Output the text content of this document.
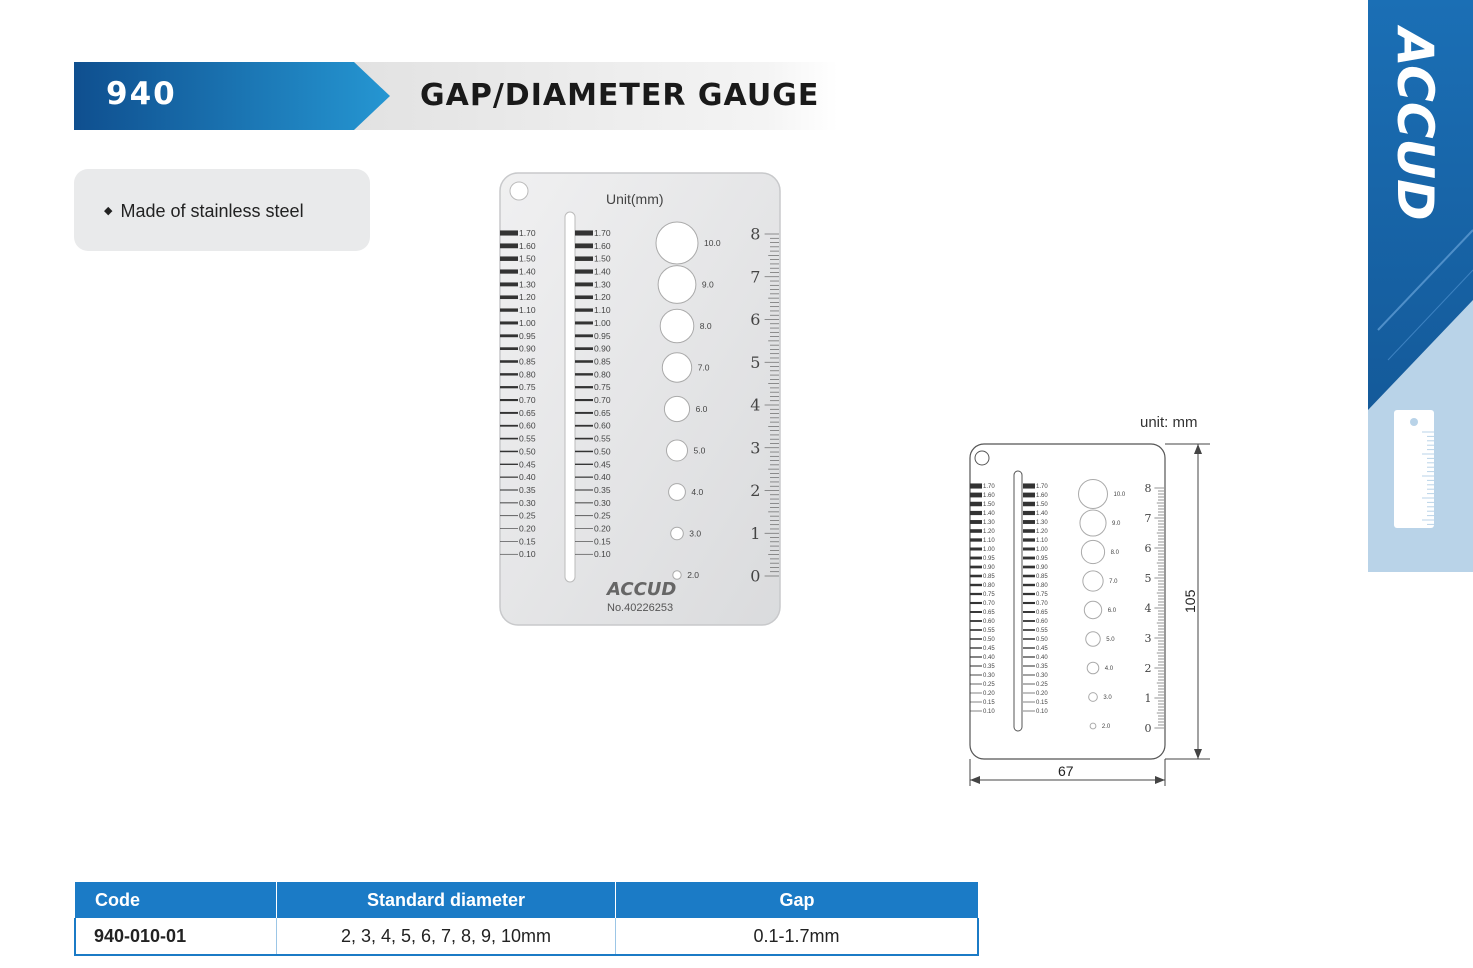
940	GAP/DIAMETER GAUGE
◆ Made of stainless steel
Unit(mm)
1.70	1.70
1.60	1.60
1.50	1.50
1.40	1.40
1.30	1.30
1.20	1.20
1.10	1.10
1.00	1.00
0.95	0.95
0.90	0.90
0.85	0.85
0.80	0.80
0.75	0.75
0.70	0.70
0.65	0.65
0.60	0.60
0.55	0.55
0.50	0.50
0.45	0.45
0.40	0.40
0.35	0.35
0.30	0.30
0.25	0.25
0.20	0.20
0.15	0.15
0.10	0.10
10.0
9.0
8.0
7.0
6.0
5.0
4.0
3.0
2.0
8
7
6
5
4
3
2
1
0
ACCUD
No.40226253
unit: mm
1.70	1.70
1.60	1.60
1.50	1.50
1.40	1.40
1.30	1.30
1.20	1.20
1.10	1.10
1.00	1.00
0.95	0.95
0.90	0.90
0.85	0.85
0.80	0.80
0.75	0.75
0.70	0.70
0.65	0.65
0.60	0.60
0.55	0.55
0.50	0.50
0.45	0.45
0.40	0.40
0.35	0.35
0.30	0.30
0.25	0.25
0.20	0.20
0.15	0.15
0.10	0.10
10.0
9.0
8.0
7.0
6.0
5.0
4.0
3.0
2.0
8
7
6
5
4
3
2
1
0
105
67
ACCUD
Code	Standard diameter	Gap
940-010-01	2, 3, 4, 5, 6, 7, 8, 9, 10mm	0.1-1.7mm
